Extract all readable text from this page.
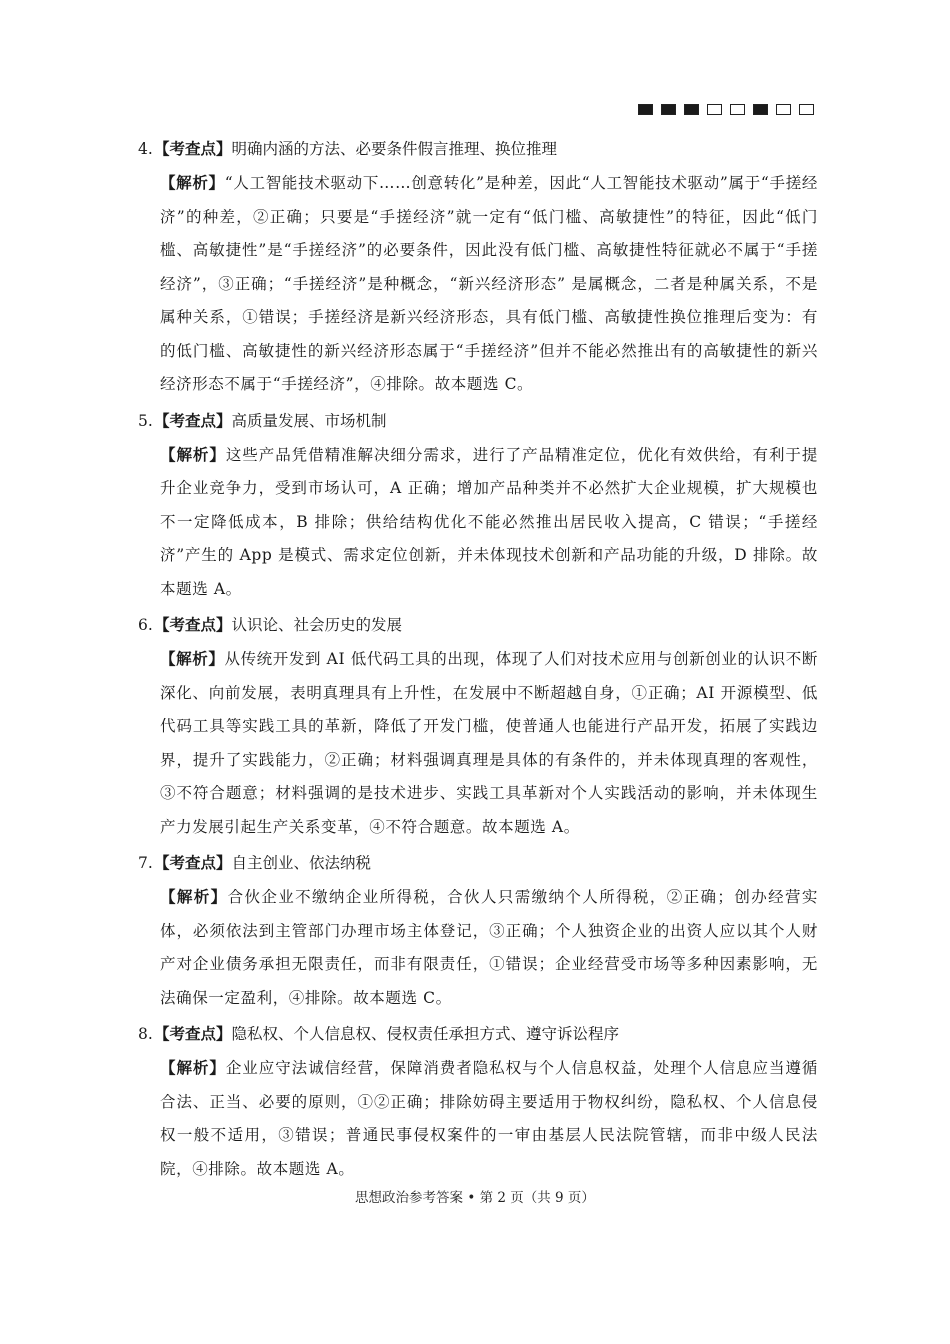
4. 【考查点】 明确内涵的方法、必要条件假言推理、换位推理
【解析】“人工智能技术驱动下……创意转化”是种差，因此“人工智能技术驱动”属于“手搓经济”的种差，②正确；只要是“手搓经济”就一定有“低门槛、高敏捷性”的特征，因此“低门槛、高敏捷性”是“手搓经济”的必要条件，因此没有低门槛、高敏捷性特征就必不属于“手搓经济”，③正确；“手搓经济”是种概念，“新兴经济形态” 是属概念，二者是种属关系，不是属种关系，①错误；手搓经济是新兴经济形态，具有低门槛、高敏捷性换位推理后变为：有的低门槛、高敏捷性的新兴经济形态属于“手搓经济”但并不能必然推出有的高敏捷性的新兴经济形态不属于“手搓经济”，④排除。故本题选 C。
5. 【考查点】 高质量发展、市场机制
【解析】这些产品凭借精准解决细分需求，进行了产品精准定位，优化有效供给，有利于提升企业竞争力，受到市场认可，A 正确；增加产品种类并不必然扩大企业规模，扩大规模也不一定降低成本，B 排除；供给结构优化不能必然推出居民收入提高，C 错误；“手搓经济”产生的 App 是模式、需求定位创新，并未体现技术创新和产品功能的升级，D 排除。故本题选 A。
6. 【考查点】 认识论、社会历史的发展
【解析】从传统开发到 AI 低代码工具的出现，体现了人们对技术应用与创新创业的认识不断深化、向前发展，表明真理具有上升性，在发展中不断超越自身，①正确；AI 开源模型、低代码工具等实践工具的革新，降低了开发门槛，使普通人也能进行产品开发，拓展了实践边界，提升了实践能力，②正确；材料强调真理是具体的有条件的，并未体现真理的客观性，③不符合题意；材料强调的是技术进步、实践工具革新对个人实践活动的影响，并未体现生产力发展引起生产关系变革，④不符合题意。故本题选 A。
7. 【考查点】 自主创业、依法纳税
【解析】合伙企业不缴纳企业所得税，合伙人只需缴纳个人所得税，②正确；创办经营实体，必须依法到主管部门办理市场主体登记，③正确；个人独资企业的出资人应以其个人财产对企业债务承担无限责任，而非有限责任，①错误；企业经营受市场等多种因素影响，无法确保一定盈利，④排除。故本题选 C。
8. 【考查点】 隐私权、个人信息权、侵权责任承担方式、遵守诉讼程序
【解析】企业应守法诚信经营，保障消费者隐私权与个人信息权益，处理个人信息应当遵循合法、正当、必要的原则，①②正确；排除妨碍主要适用于物权纠纷，隐私权、个人信息侵权一般不适用，③错误；普通民事侵权案件的一审由基层人民法院管辖，而非中级人民法院，④排除。故本题选 A。
思想政治参考答案 • 第 2 页（共 9 页）
